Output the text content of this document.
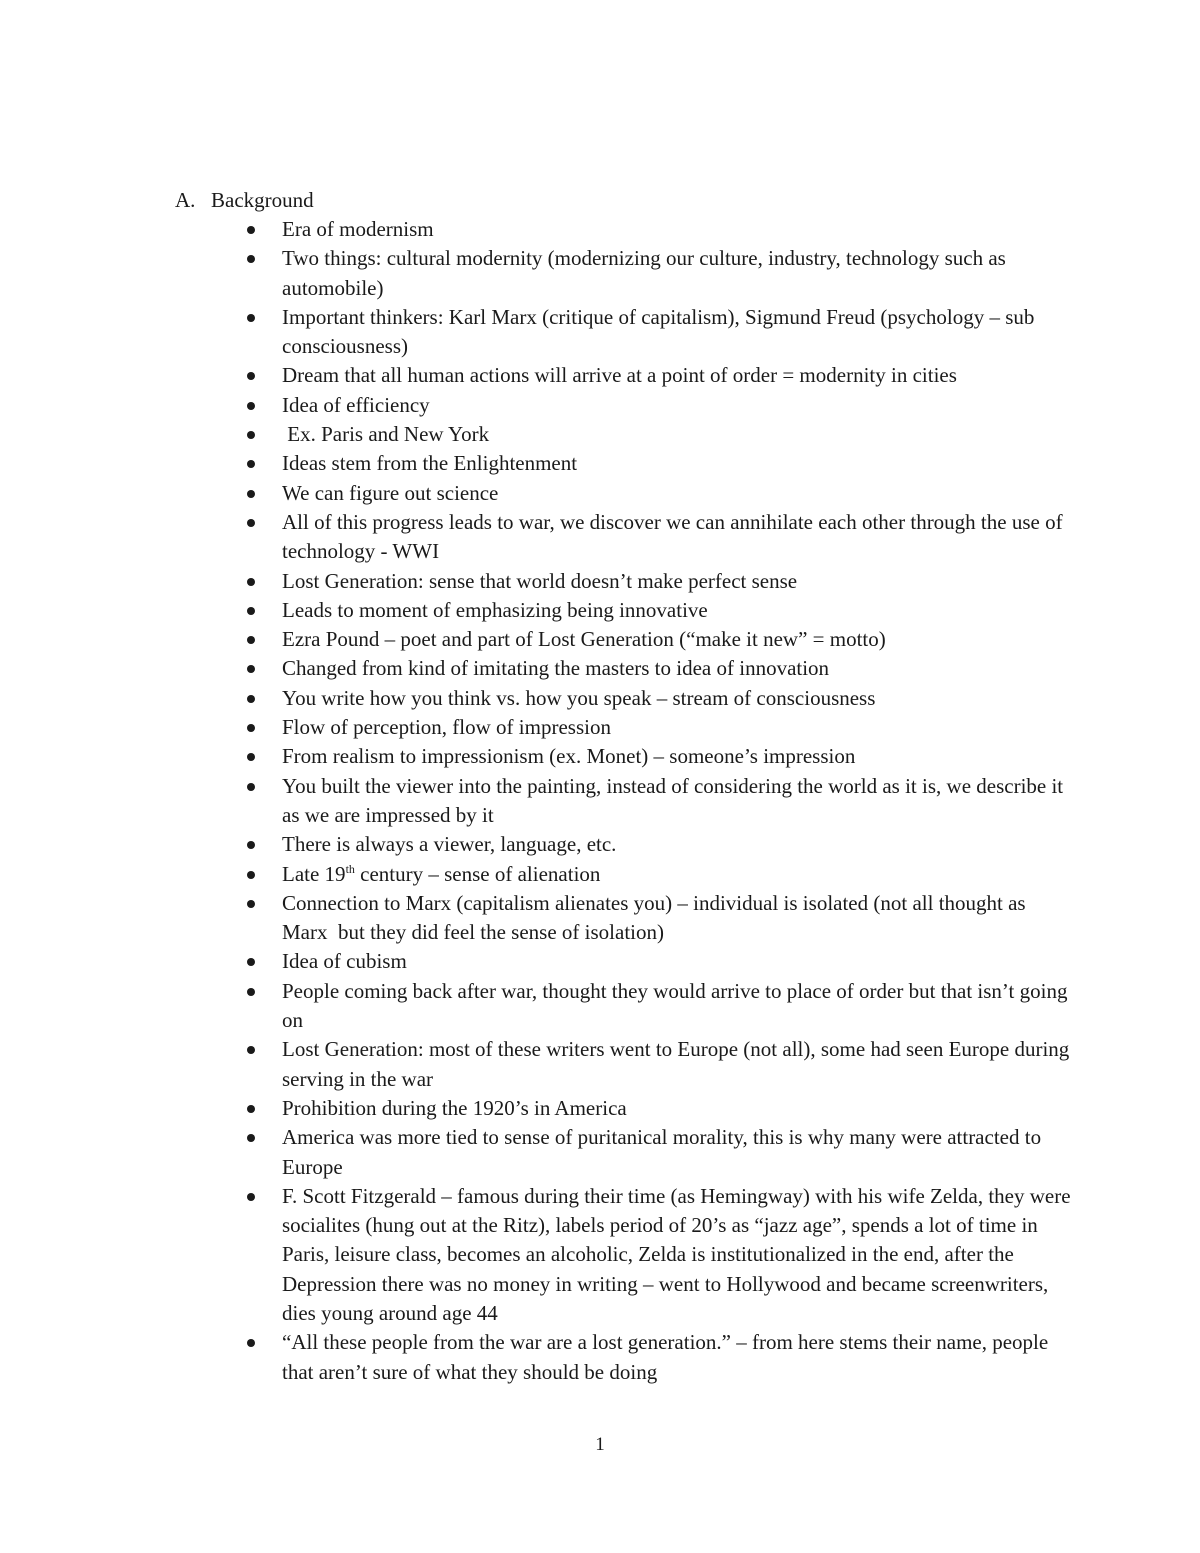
A. Background
Era of modernism
Two things: cultural modernity (modernizing our culture, industry, technology such as automobile)
Important thinkers: Karl Marx (critique of capitalism), Sigmund Freud (psychology – sub consciousness)
Dream that all human actions will arrive at a point of order = modernity in cities
Idea of efficiency
Ex. Paris and New York
Ideas stem from the Enlightenment
We can figure out science
All of this progress leads to war, we discover we can annihilate each other through the use of technology - WWI
Lost Generation: sense that world doesn’t make perfect sense
Leads to moment of emphasizing being innovative
Ezra Pound – poet and part of Lost Generation (“make it new” = motto)
Changed from kind of imitating the masters to idea of innovation
You write how you think vs. how you speak – stream of consciousness
Flow of perception, flow of impression
From realism to impressionism (ex. Monet) – someone’s impression
You built the viewer into the painting, instead of considering the world as it is, we describe it as we are impressed by it
There is always a viewer, language, etc.
Late 19th century – sense of alienation
Connection to Marx (capitalism alienates you) – individual is isolated (not all thought as Marx  but they did feel the sense of isolation)
Idea of cubism
People coming back after war, thought they would arrive to place of order but that isn’t going on
Lost Generation: most of these writers went to Europe (not all), some had seen Europe during serving in the war
Prohibition during the 1920’s in America
America was more tied to sense of puritanical morality, this is why many were attracted to Europe
F. Scott Fitzgerald – famous during their time (as Hemingway) with his wife Zelda, they were socialites (hung out at the Ritz), labels period of 20’s as “jazz age”, spends a lot of time in Paris, leisure class, becomes an alcoholic, Zelda is institutionalized in the end, after the Depression there was no money in writing – went to Hollywood and became screenwriters, dies young around age 44
“All these people from the war are a lost generation.” – from here stems their name, people that aren’t sure of what they should be doing
1
